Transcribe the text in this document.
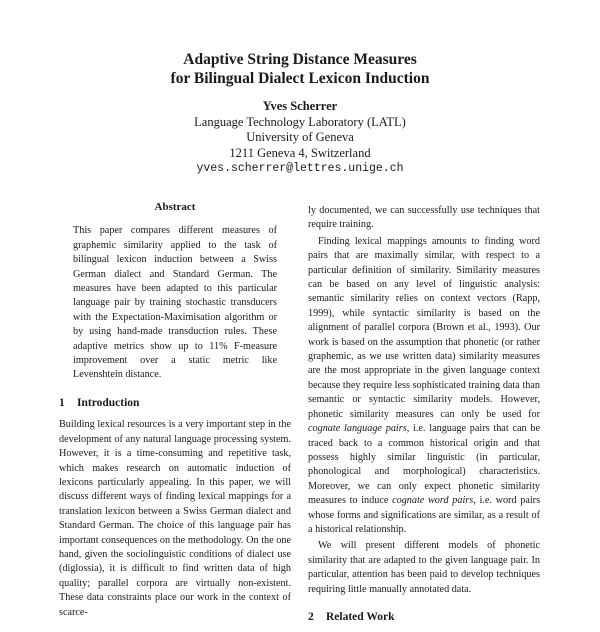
Adaptive String Distance Measures
for Bilingual Dialect Lexicon Induction
Yves Scherrer
Language Technology Laboratory (LATL)
University of Geneva
1211 Geneva 4, Switzerland
yves.scherrer@lettres.unige.ch
Abstract

This paper compares different measures of graphemic similarity applied to the task of bilingual lexicon induction between a Swiss German dialect and Standard German. The measures have been adapted to this particular language pair by training stochastic transducers with the Expectation-Maximisation algorithm or by using hand-made transduction rules. These adaptive metrics show up to 11% F-measure improvement over a static metric like Levenshtein distance.

1 Introduction

Building lexical resources is a very important step in the development of any natural language processing system. However, it is a time-consuming and repetitive task, which makes research on automatic induction of lexicons particularly appealing. In this paper, we will discuss different ways of finding lexical mappings for a translation lexicon between a Swiss German dialect and Standard German. The choice of this language pair has important consequences on the methodology. On the one hand, given the sociolinguistic conditions of dialect use (diglossia), it is difficult to find written data of high quality; parallel corpora are virtually non-existent. These data constraints place our work in the context of scarce-

ly documented, we can successfully use techniques that require training.

Finding lexical mappings amounts to finding word pairs that are maximally similar, with respect to a particular definition of similarity. Similarity measures can be based on any level of linguistic analysis: semantic similarity relies on context vectors (Rapp, 1999), while syntactic similarity is based on the alignment of parallel corpora (Brown et al., 1993). Our work is based on the assumption that phonetic (or rather graphemic, as we use written data) similarity measures are the most appropriate in the given language context because they require less sophisticated training data than semantic or syntactic similarity models. However, phonetic similarity measures can only be used for cognate language pairs, i.e. language pairs that can be traced back to a common historical origin and that possess highly similar linguistic (in particular, phonological and morphological) characteristics. Moreover, we can only expect phonetic similarity measures to induce cognate word pairs, i.e. word pairs whose forms and significations are similar, as a result of a historical relationship.

We will present different models of phonetic similarity that are adapted to the given language pair. In particular, attention has been paid to develop techniques requiring little manually annotated data.

2 Related Work
